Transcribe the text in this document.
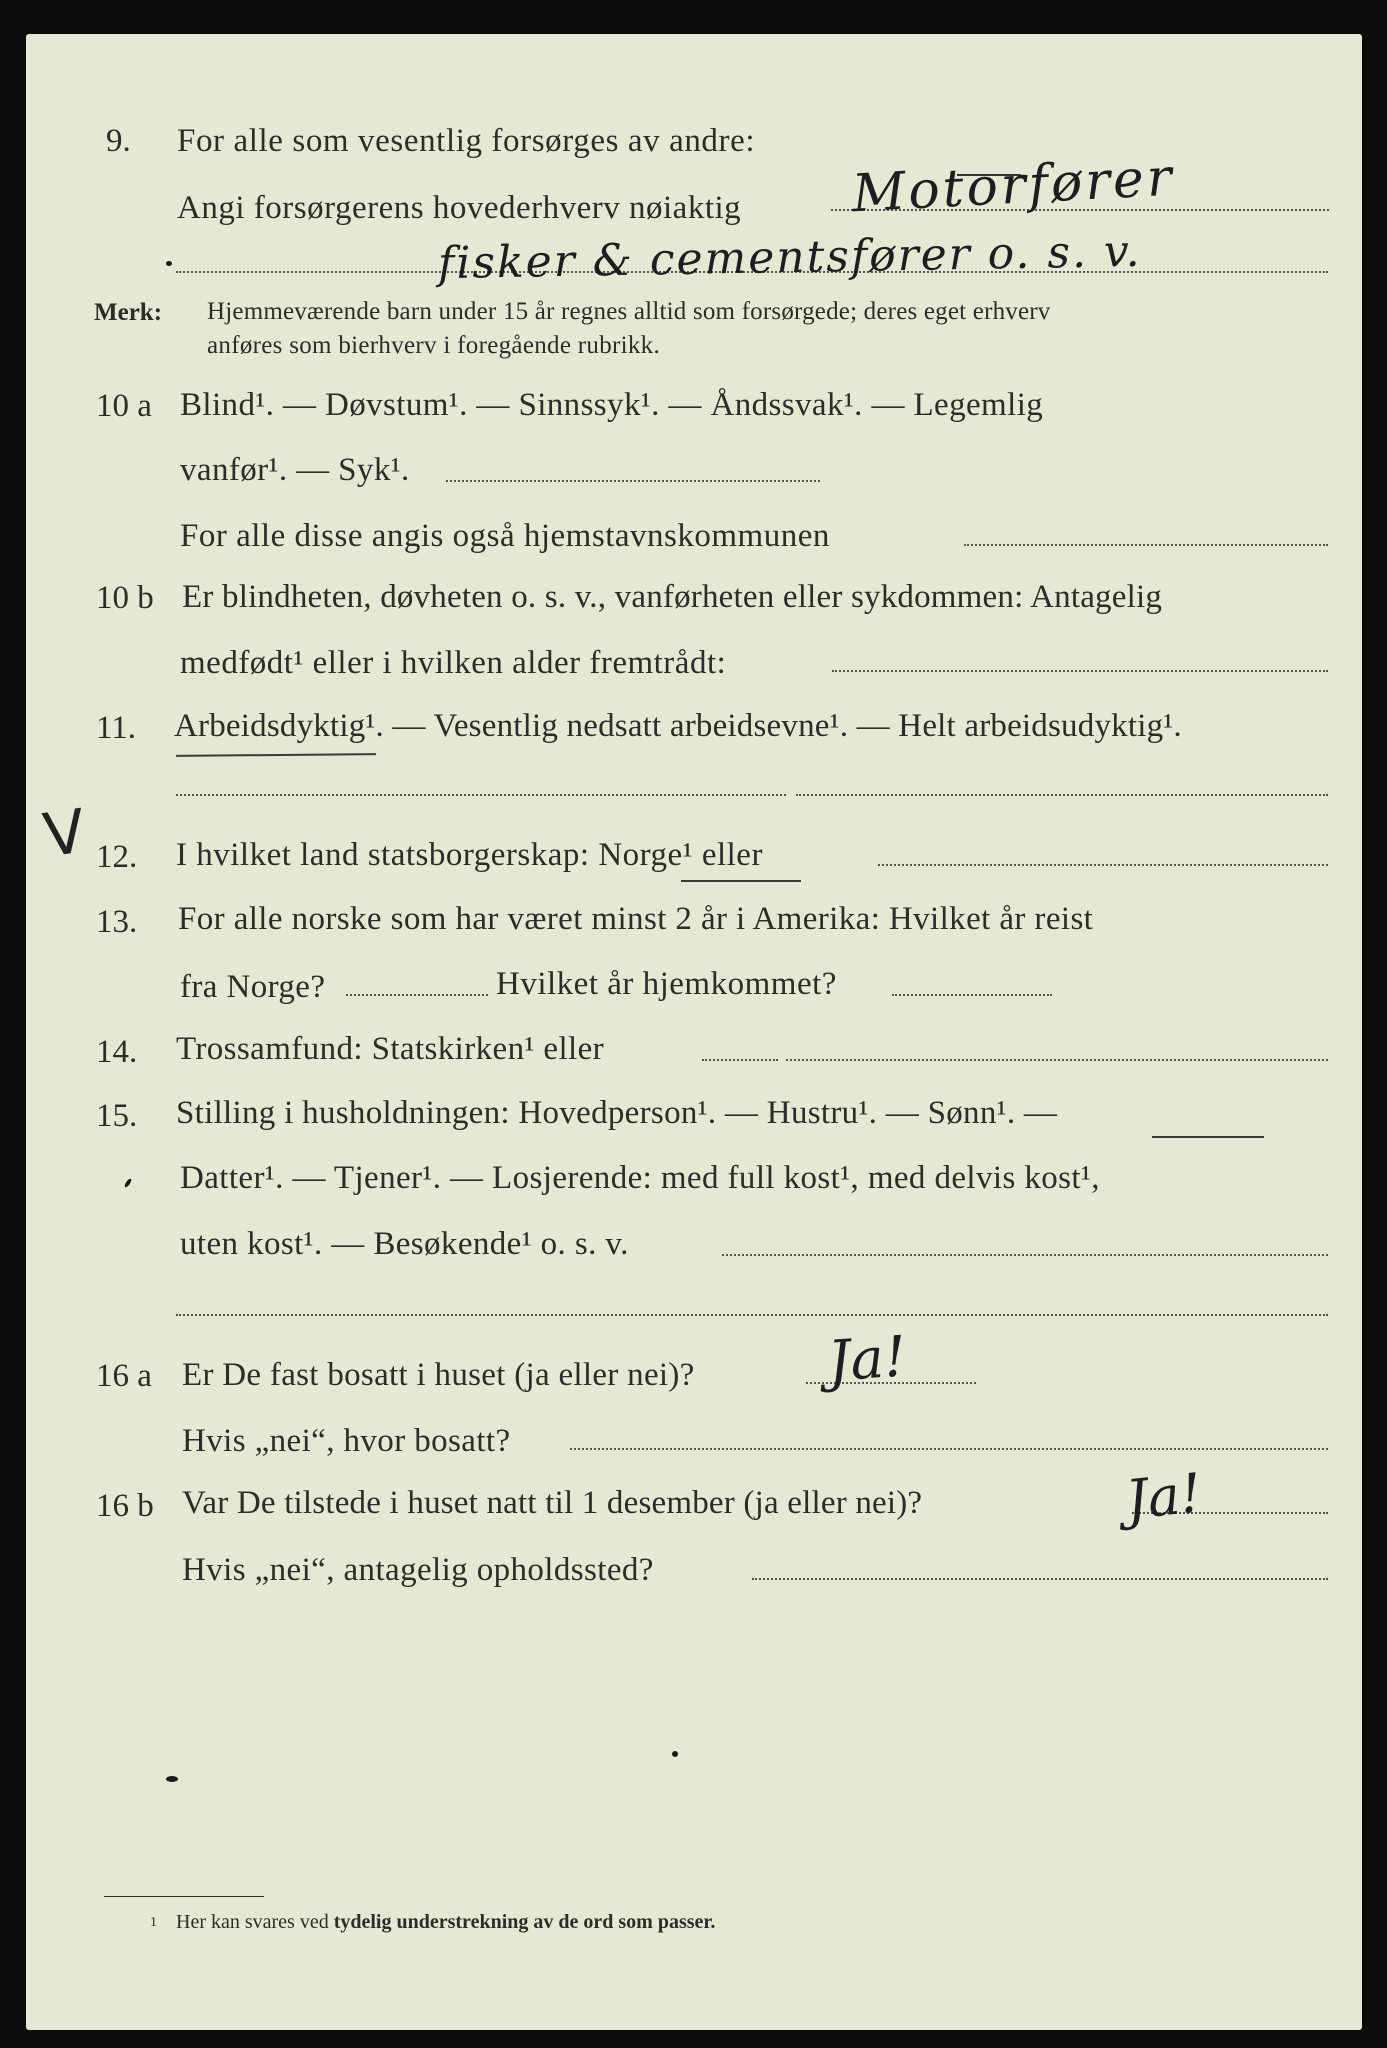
9. For alle som vesentlig forsørges av andre:
Angi forsørgerens hovederhverv nøiaktig Motorfører
fisker & cementsfører o. s. v.
Merk: Hjemmeværende barn under 15 år regnes alltid som forsørgede; deres eget erhverv
anføres som bierhverv i foregående rubrikk.
10 a Blind¹. — Døvstum¹. — Sinnssyk¹. — Åndssvak¹. — Legemlig
vanfør¹. — Syk¹.
For alle disse angis også hjemstavnskommunen
10 b Er blindheten, døvheten o. s. v., vanførheten eller sykdommen: Antagelig
medfødt¹ eller i hvilken alder fremtrådt:
11. Arbeidsdyktig¹. — Vesentlig nedsatt arbeidsevne¹. — Helt arbeidsudyktig¹.
V 12. I hvilket land statsborgerskap: Norge¹ eller
13. For alle norske som har været minst 2 år i Amerika: Hvilket år reist
fra Norge?	Hvilket år hjemkommet?
14. Trossamfund: Statskirken¹ eller
15. Stilling i husholdningen: Hovedperson¹. — Hustru¹. — Sønn¹. —
Datter¹. — Tjener¹. — Losjerende: med full kost¹, med delvis kost¹,
uten kost¹. — Besøkende¹ o. s. v.
16 a Er De fast bosatt i huset (ja eller nei)? Ja!
Hvis „nei“, hvor bosatt?
16 b Var De tilstede i huset natt til 1 desember (ja eller nei)?	Ja!
Hvis „nei“, antagelig opholdssted?
1 Her kan svares ved tydelig understrekning av de ord som passer.
